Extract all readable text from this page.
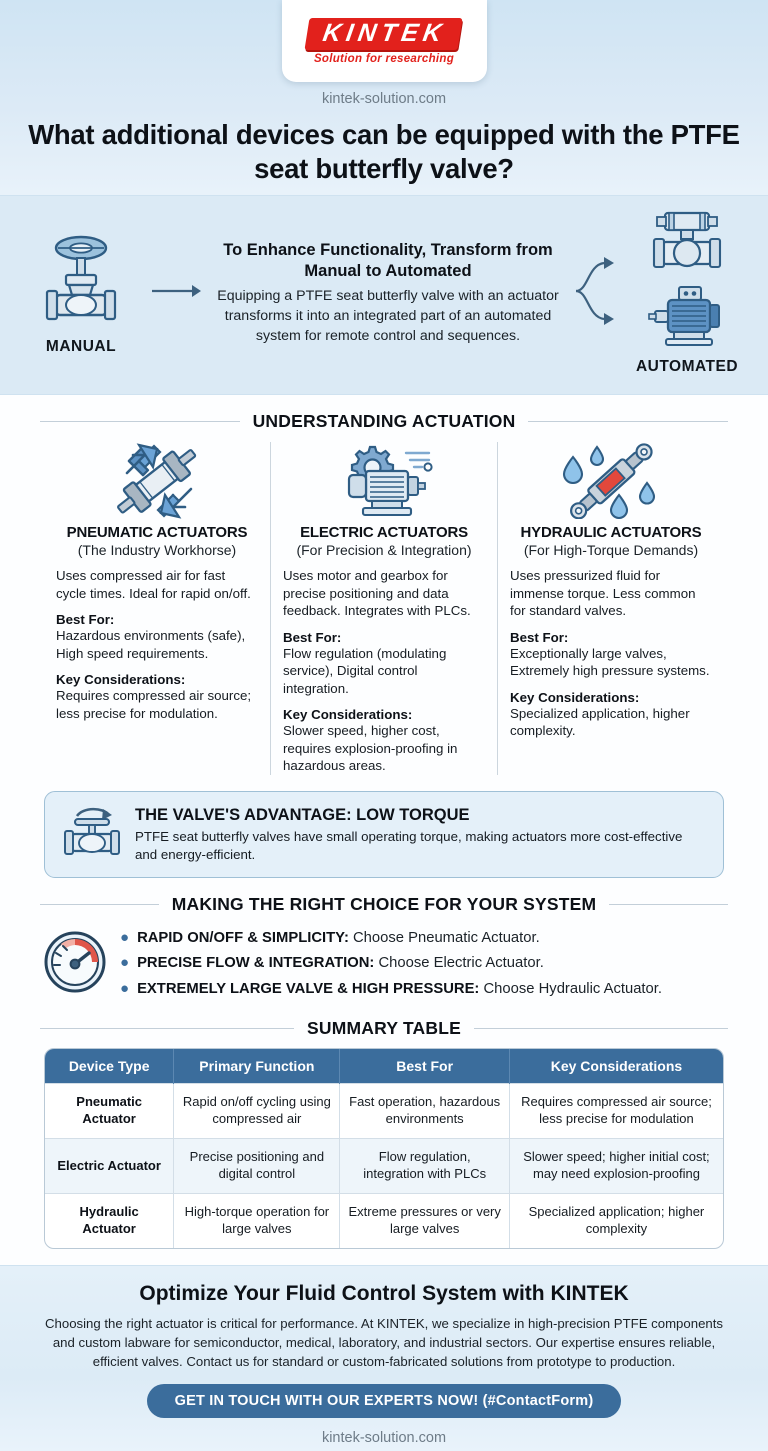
KINTEK
Solution for researching
kintek-solution.com
What additional devices can be equipped with the PTFE seat butterfly valve?
MANUAL
To Enhance Functionality, Transform from Manual to Automated
Equipping a PTFE seat butterfly valve with an actuator transforms it into an integrated part of an automated system for remote control and sequences.
AUTOMATED
UNDERSTANDING ACTUATION
PNEUMATIC ACTUATORS
(The Industry Workhorse)
Uses compressed air for fast cycle times. Ideal for rapid on/off.
Best For:
Hazardous environments (safe), High speed requirements.
Key Considerations:
Requires compressed air source; less precise for modulation.
ELECTRIC ACTUATORS
(For Precision & Integration)
Uses motor and gearbox for precise positioning and data feedback. Integrates with PLCs.
Best For:
Flow regulation (modulating service), Digital control integration.
Key Considerations:
Slower speed, higher cost, requires explosion-proofing in hazardous areas.
HYDRAULIC ACTUATORS
(For High-Torque Demands)
Uses pressurized fluid for immense torque. Less common for standard valves.
Best For:
Exceptionally large valves, Extremely high pressure systems.
Key Considerations:
Specialized application, higher complexity.
THE VALVE'S ADVANTAGE: LOW TORQUE
PTFE seat butterfly valves have small operating torque, making actuators more cost-effective and energy-efficient.
MAKING THE RIGHT CHOICE FOR YOUR SYSTEM
● RAPID ON/OFF & SIMPLICITY: Choose Pneumatic Actuator.
● PRECISE FLOW & INTEGRATION: Choose Electric Actuator.
● EXTREMELY LARGE VALVE & HIGH PRESSURE: Choose Hydraulic Actuator.
SUMMARY TABLE
Device Type	Primary Function	Best For	Key Considerations
Pneumatic Actuator	Rapid on/off cycling using compressed air	Fast operation, hazardous environments	Requires compressed air source; less precise for modulation
Electric Actuator	Precise positioning and digital control	Flow regulation, integration with PLCs	Slower speed; higher initial cost; may need explosion-proofing
Hydraulic Actuator	High-torque operation for large valves	Extreme pressures or very large valves	Specialized application; higher complexity
Optimize Your Fluid Control System with KINTEK
Choosing the right actuator is critical for performance. At KINTEK, we specialize in high-precision PTFE components and custom labware for semiconductor, medical, laboratory, and industrial sectors. Our expertise ensures reliable, efficient valves. Contact us for standard or custom-fabricated solutions from prototype to production.
GET IN TOUCH WITH OUR EXPERTS NOW! (#ContactForm)
kintek-solution.com
